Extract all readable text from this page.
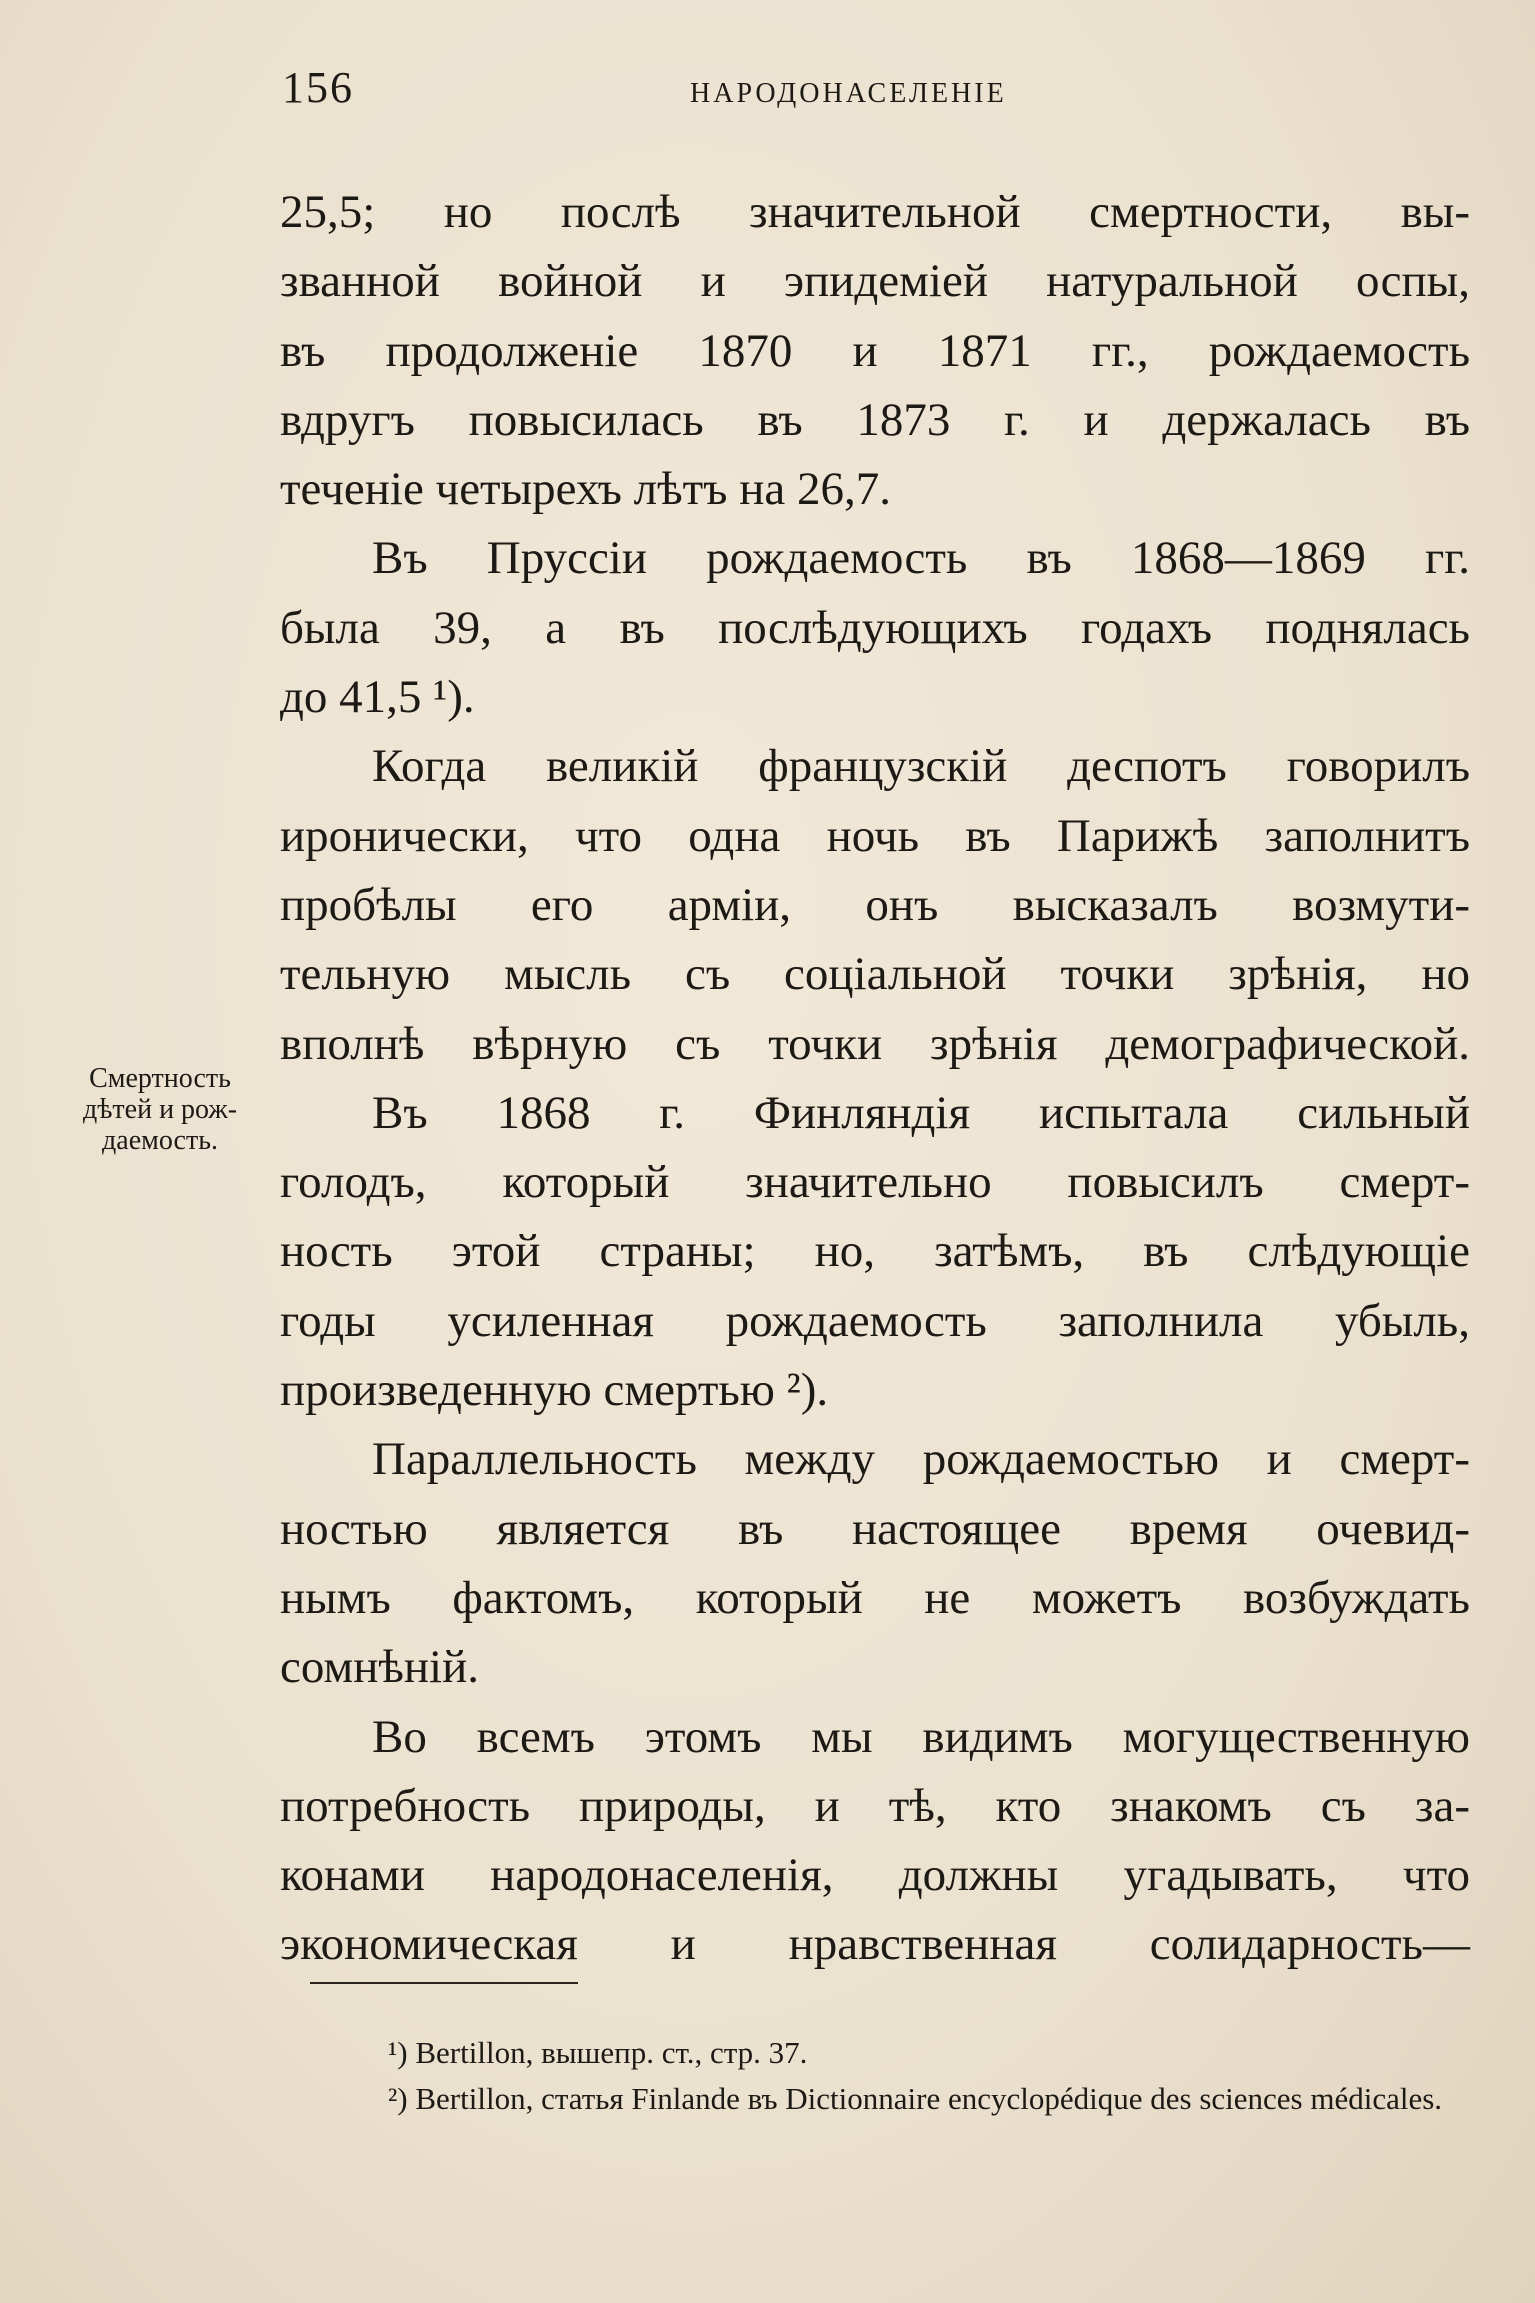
156	НАРОДОНАСЕЛЕНІЕ
Смертность
дѣтей и рож-
даемость.

25,5; но послѣ значительной смертности, вы-

званной войной и эпидеміей натуральной оспы,

въ продолженіе 1870 и 1871 гг., рождаемость

вдругъ повысилась въ 1873 г. и держалась въ

теченіе четырехъ лѣтъ на 26,7.

Въ Пруссіи рождаемость въ 1868—1869 гг.

была 39, а въ послѣдующихъ годахъ поднялась

до 41,5 ¹).

Когда великій французскій деспотъ говорилъ

иронически, что одна ночь въ Парижѣ заполнитъ

пробѣлы его арміи, онъ высказалъ возмути-

тельную мысль съ соціальной точки зрѣнія, но

вполнѣ вѣрную съ точки зрѣнія демографической.

Въ 1868 г. Финляндія испытала сильный

голодъ, который значительно повысилъ смерт-

ность этой страны; но, затѣмъ, въ слѣдующіе

годы усиленная рождаемость заполнила убыль,

произведенную смертью ²).

Параллельность между рождаемостью и смерт-

ностью является въ настоящее время очевид-

нымъ фактомъ, который не можетъ возбуждать

сомнѣній.

Во всемъ этомъ мы видимъ могущественную

потребность природы, и тѣ, кто знакомъ съ за-

конами народонаселенія, должны угадывать, что

экономическая и нравственная солидарность—

¹) Bertillon, вышепр. ст., стр. 37.

²) Bertillon, статья Finlande въ Dictionnaire encyclopédique des sciences médicales.
